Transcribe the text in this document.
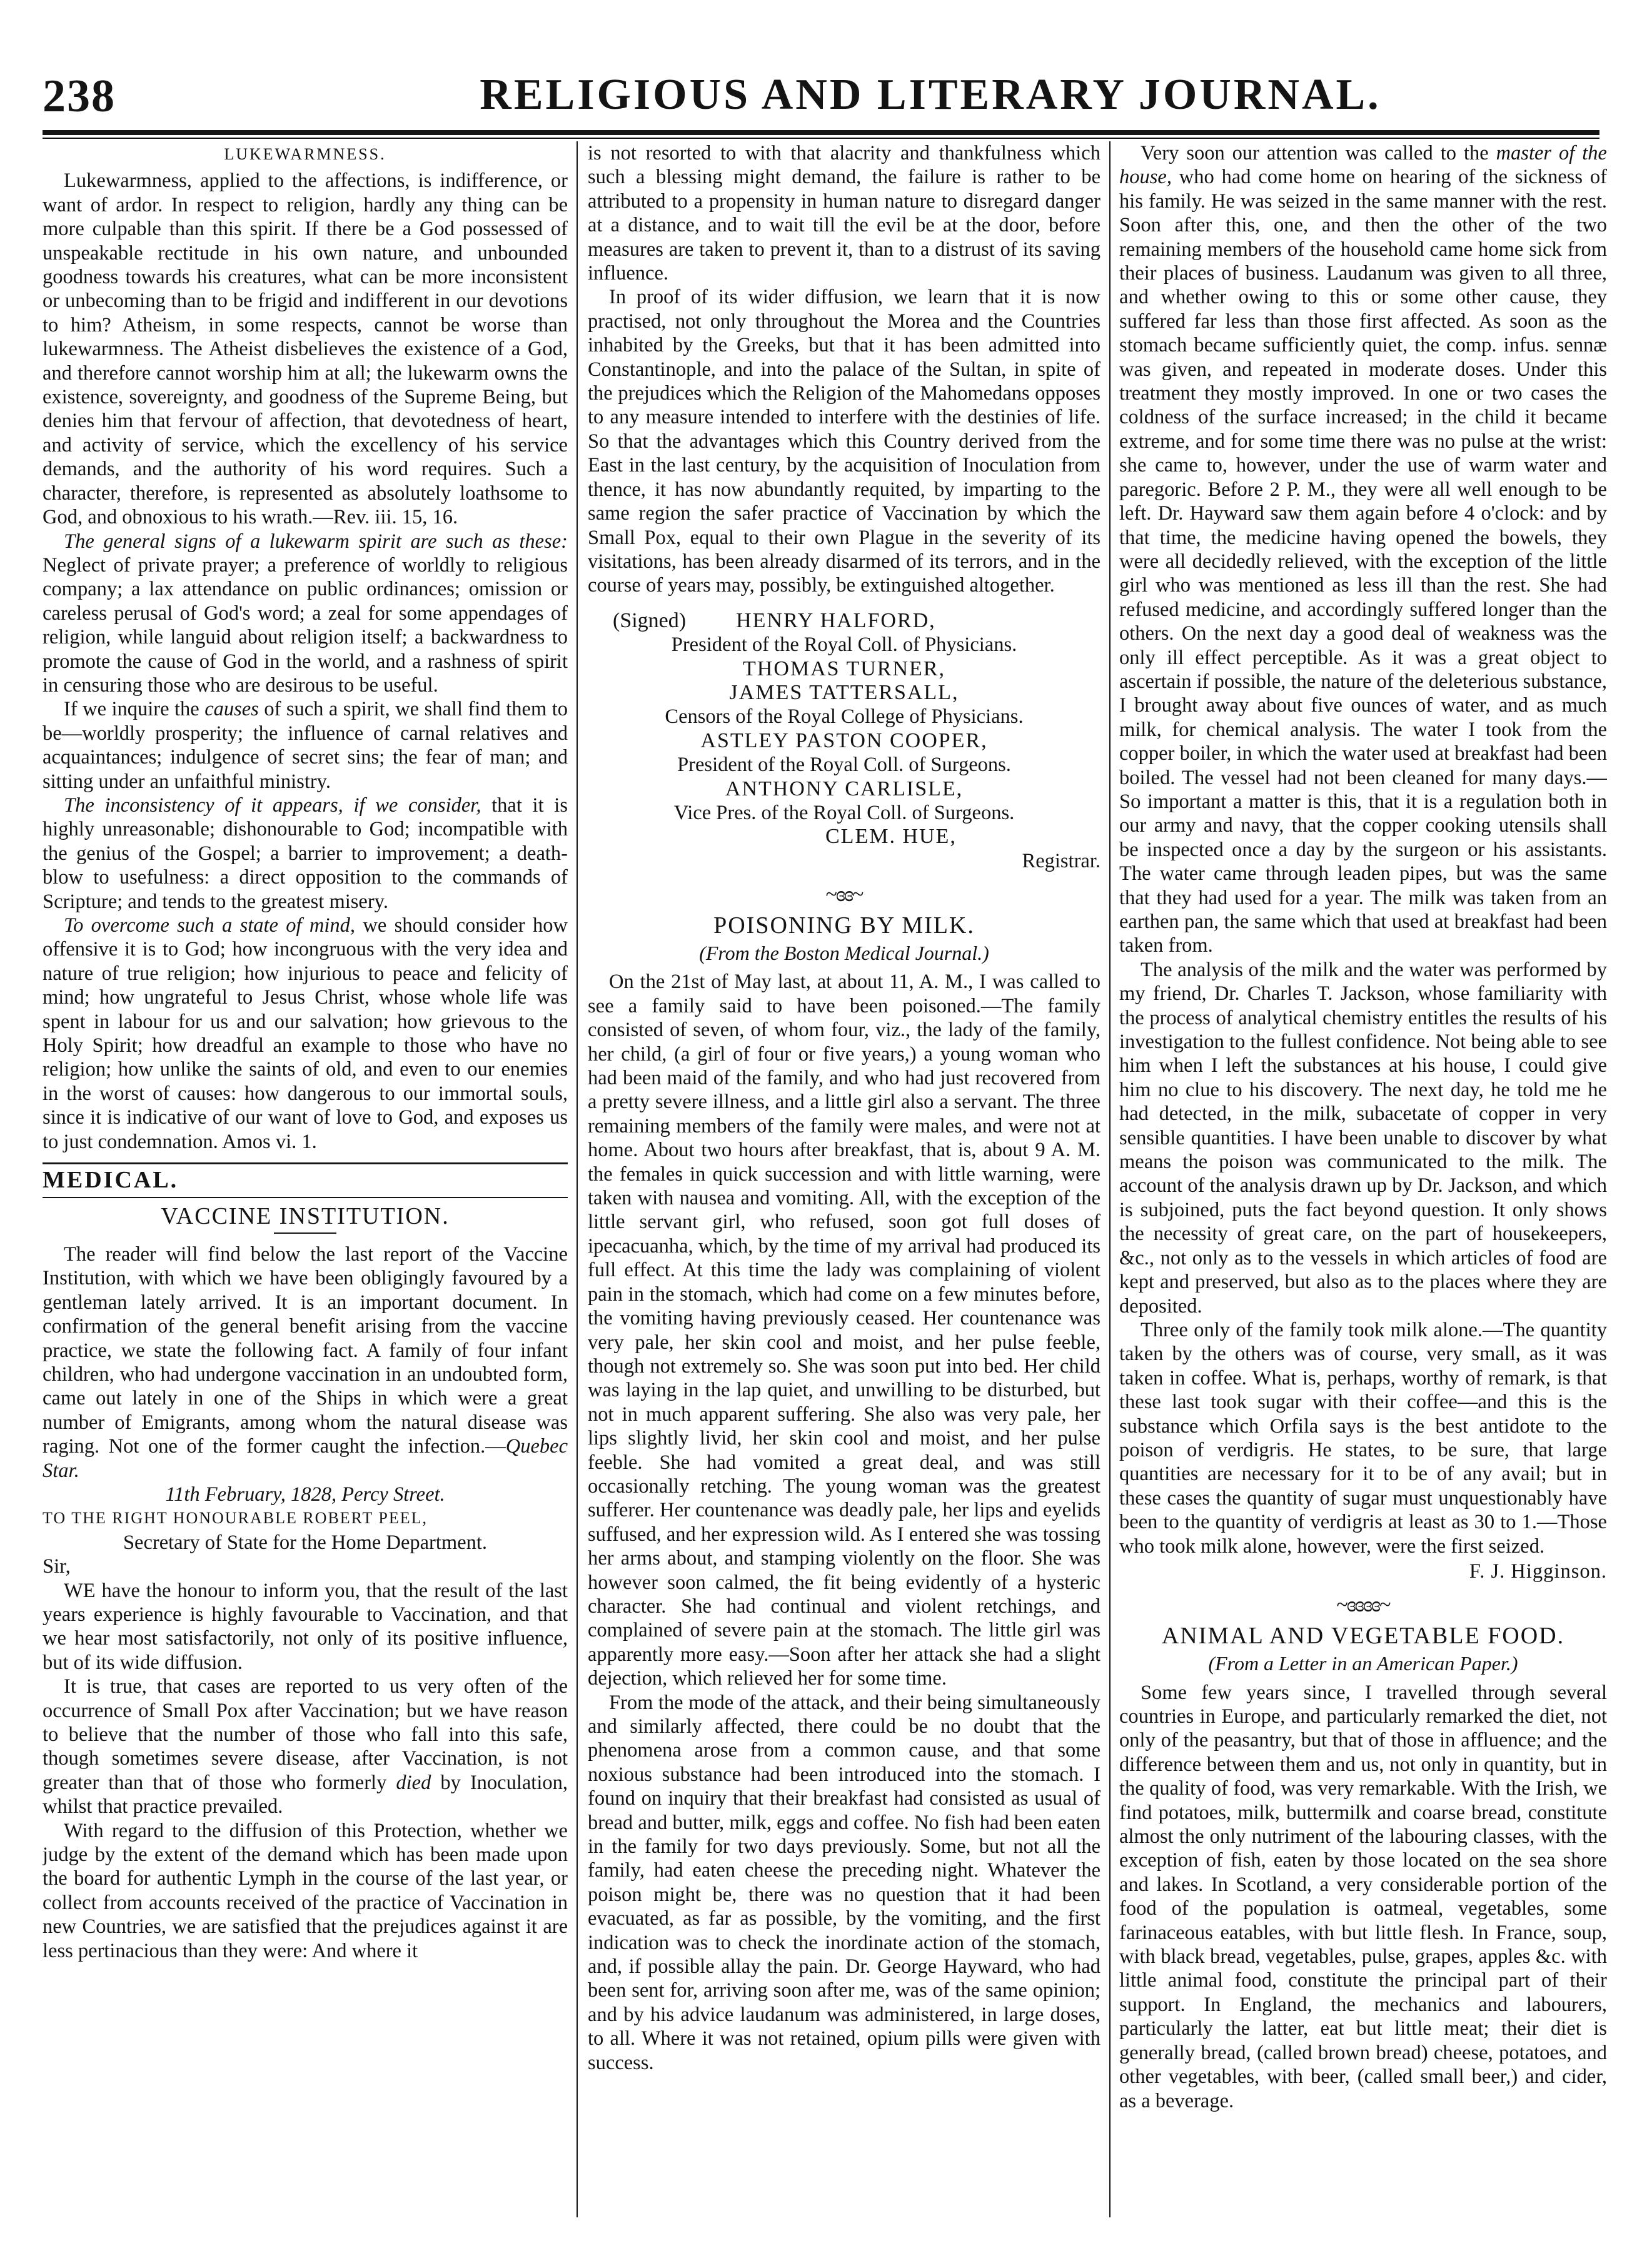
238	RELIGIOUS AND LITERARY JOURNAL.

LUKEWARMNESS.

Lukewarmness, applied to the affections, is indifference, or want of ardor. In respect to religion, hardly any thing can be more culpable than this spirit. If there be a God possessed of unspeakable rectitude in his own nature, and unbounded goodness towards his creatures, what can be more inconsistent or unbecoming than to be frigid and indifferent in our devotions to him? Atheism, in some respects, cannot be worse than lukewarmness. The Atheist disbelieves the existence of a God, and therefore cannot worship him at all; the lukewarm owns the existence, sovereignty, and goodness of the Supreme Being, but denies him that fervour of affection, that devotedness of heart, and activity of service, which the excellency of his service demands, and the authority of his word requires. Such a character, therefore, is represented as absolutely loathsome to God, and obnoxious to his wrath.—Rev. iii. 15, 16.

The general signs of a lukewarm spirit are such as these: Neglect of private prayer; a preference of worldly to religious company; a lax attendance on public ordinances; omission or careless perusal of God's word; a zeal for some appendages of religion, while languid about religion itself; a backwardness to promote the cause of God in the world, and a rashness of spirit in censuring those who are desirous to be useful.

If we inquire the causes of such a spirit, we shall find them to be—worldly prosperity; the influence of carnal relatives and acquaintances; indulgence of secret sins; the fear of man; and sitting under an unfaithful ministry.

The inconsistency of it appears, if we consider, that it is highly unreasonable; dishonourable to God; incompatible with the genius of the Gospel; a barrier to improvement; a death-blow to usefulness: a direct opposition to the commands of Scripture; and tends to the greatest misery.

To overcome such a state of mind, we should consider how offensive it is to God; how incongruous with the very idea and nature of true religion; how injurious to peace and felicity of mind; how ungrateful to Jesus Christ, whose whole life was spent in labour for us and our salvation; how grievous to the Holy Spirit; how dreadful an example to those who have no religion; how unlike the saints of old, and even to our enemies in the worst of causes: how dangerous to our immortal souls, since it is indicative of our want of love to God, and exposes us to just condemnation. Amos vi. 1.

MEDICAL.

VACCINE INSTITUTION.

The reader will find below the last report of the Vaccine Institution, with which we have been obligingly favoured by a gentleman lately arrived. It is an important document. In confirmation of the general benefit arising from the vaccine practice, we state the following fact. A family of four infant children, who had undergone vaccination in an undoubted form, came out lately in one of the Ships in which were a great number of Emigrants, among whom the natural disease was raging. Not one of the former caught the infection.—Quebec Star.

11th February, 1828, Percy Street.

TO THE RIGHT HONOURABLE ROBERT PEEL,

Secretary of State for the Home Department.

Sir,

WE have the honour to inform you, that the result of the last years experience is highly favourable to Vaccination, and that we hear most satisfactorily, not only of its positive influence, but of its wide diffusion.

It is true, that cases are reported to us very often of the occurrence of Small Pox after Vaccination; but we have reason to believe that the number of those who fall into this safe, though sometimes severe disease, after Vaccination, is not greater than that of those who formerly died by Inoculation, whilst that practice prevailed.

With regard to the diffusion of this Protection, whether we judge by the extent of the demand which has been made upon the board for authentic Lymph in the course of the last year, or collect from accounts received of the practice of Vaccination in new Countries, we are satisfied that the prejudices against it are less pertinacious than they were: And where it

is not resorted to with that alacrity and thankfulness which such a blessing might demand, the failure is rather to be attributed to a propensity in human nature to disregard danger at a distance, and to wait till the evil be at the door, before measures are taken to prevent it, than to a distrust of its saving influence.

In proof of its wider diffusion, we learn that it is now practised, not only throughout the Morea and the Countries inhabited by the Greeks, but that it has been admitted into Constantinople, and into the palace of the Sultan, in spite of the prejudices which the Religion of the Mahomedans opposes to any measure intended to interfere with the destinies of life. So that the advantages which this Country derived from the East in the last century, by the acquisition of Inoculation from thence, it has now abundantly requited, by imparting to the same region the safer practice of Vaccination by which the Small Pox, equal to their own Plague in the severity of its visitations, has been already disarmed of its terrors, and in the course of years may, possibly, be extinguished altogether.

(Signed) HENRY HALFORD,

President of the Royal Coll. of Physicians.

THOMAS TURNER,

JAMES TATTERSALL,

Censors of the Royal College of Physicians.

ASTLEY PASTON COOPER,

President of the Royal Coll. of Surgeons.

ANTHONY CARLISLE,

Vice Pres. of the Royal Coll. of Surgeons.

CLEM. HUE,

Registrar.

~ɞɞ~

POISONING BY MILK.

(From the Boston Medical Journal.)

On the 21st of May last, at about 11, A. M., I was called to see a family said to have been poisoned.—The family consisted of seven, of whom four, viz., the lady of the family, her child, (a girl of four or five years,) a young woman who had been maid of the family, and who had just recovered from a pretty severe illness, and a little girl also a servant. The three remaining members of the family were males, and were not at home. About two hours after breakfast, that is, about 9 A. M. the females in quick succession and with little warning, were taken with nausea and vomiting. All, with the exception of the little servant girl, who refused, soon got full doses of ipecacuanha, which, by the time of my arrival had produced its full effect. At this time the lady was complaining of violent pain in the stomach, which had come on a few minutes before, the vomiting having previously ceased. Her countenance was very pale, her skin cool and moist, and her pulse feeble, though not extremely so. She was soon put into bed. Her child was laying in the lap quiet, and unwilling to be disturbed, but not in much apparent suffering. She also was very pale, her lips slightly livid, her skin cool and moist, and her pulse feeble. She had vomited a great deal, and was still occasionally retching. The young woman was the greatest sufferer. Her countenance was deadly pale, her lips and eyelids suffused, and her expression wild. As I entered she was tossing her arms about, and stamping violently on the floor. She was however soon calmed, the fit being evidently of a hysteric character. She had continual and violent retchings, and complained of severe pain at the stomach. The little girl was apparently more easy.—Soon after her attack she had a slight dejection, which relieved her for some time.

From the mode of the attack, and their being simultaneously and similarly affected, there could be no doubt that the phenomena arose from a common cause, and that some noxious substance had been introduced into the stomach. I found on inquiry that their breakfast had consisted as usual of bread and butter, milk, eggs and coffee. No fish had been eaten in the family for two days previously. Some, but not all the family, had eaten cheese the preceding night. Whatever the poison might be, there was no question that it had been evacuated, as far as possible, by the vomiting, and the first indication was to check the inordinate action of the stomach, and, if possible allay the pain. Dr. George Hayward, who had been sent for, arriving soon after me, was of the same opinion; and by his advice laudanum was administered, in large doses, to all. Where it was not retained, opium pills were given with success.

Very soon our attention was called to the master of the house, who had come home on hearing of the sickness of his family. He was seized in the same manner with the rest. Soon after this, one, and then the other of the two remaining members of the household came home sick from their places of business. Laudanum was given to all three, and whether owing to this or some other cause, they suffered far less than those first affected. As soon as the stomach became sufficiently quiet, the comp. infus. sennæ was given, and repeated in moderate doses. Under this treatment they mostly improved. In one or two cases the coldness of the surface increased; in the child it became extreme, and for some time there was no pulse at the wrist: she came to, however, under the use of warm water and paregoric. Before 2 P. M., they were all well enough to be left. Dr. Hayward saw them again before 4 o'clock: and by that time, the medicine having opened the bowels, they were all decidedly relieved, with the exception of the little girl who was mentioned as less ill than the rest. She had refused medicine, and accordingly suffered longer than the others. On the next day a good deal of weakness was the only ill effect perceptible. As it was a great object to ascertain if possible, the nature of the deleterious substance, I brought away about five ounces of water, and as much milk, for chemical analysis. The water I took from the copper boiler, in which the water used at breakfast had been boiled. The vessel had not been cleaned for many days.—So important a matter is this, that it is a regulation both in our army and navy, that the copper cooking utensils shall be inspected once a day by the surgeon or his assistants. The water came through leaden pipes, but was the same that they had used for a year. The milk was taken from an earthen pan, the same which that used at breakfast had been taken from.

The analysis of the milk and the water was performed by my friend, Dr. Charles T. Jackson, whose familiarity with the process of analytical chemistry entitles the results of his investigation to the fullest confidence. Not being able to see him when I left the substances at his house, I could give him no clue to his discovery. The next day, he told me he had detected, in the milk, subacetate of copper in very sensible quantities. I have been unable to discover by what means the poison was communicated to the milk. The account of the analysis drawn up by Dr. Jackson, and which is subjoined, puts the fact beyond question. It only shows the necessity of great care, on the part of housekeepers, &c., not only as to the vessels in which articles of food are kept and preserved, but also as to the places where they are deposited.

Three only of the family took milk alone.—The quantity taken by the others was of course, very small, as it was taken in coffee. What is, perhaps, worthy of remark, is that these last took sugar with their coffee—and this is the substance which Orfila says is the best antidote to the poison of verdigris. He states, to be sure, that large quantities are necessary for it to be of any avail; but in these cases the quantity of sugar must unquestionably have been to the quantity of verdigris at least as 30 to 1.—Those who took milk alone, however, were the first seized.

F. J. Higginson.

~ɞɞɞɞ~

ANIMAL AND VEGETABLE FOOD.

(From a Letter in an American Paper.)

Some few years since, I travelled through several countries in Europe, and particularly remarked the diet, not only of the peasantry, but that of those in affluence; and the difference between them and us, not only in quantity, but in the quality of food, was very remarkable. With the Irish, we find potatoes, milk, buttermilk and coarse bread, constitute almost the only nutriment of the labouring classes, with the exception of fish, eaten by those located on the sea shore and lakes. In Scotland, a very considerable portion of the food of the population is oatmeal, vegetables, some farinaceous eatables, with but little flesh. In France, soup, with black bread, vegetables, pulse, grapes, apples &c. with little animal food, constitute the principal part of their support. In England, the mechanics and labourers, particularly the latter, eat but little meat; their diet is generally bread, (called brown bread) cheese, potatoes, and other vegetables, with beer, (called small beer,) and cider, as a beverage.
